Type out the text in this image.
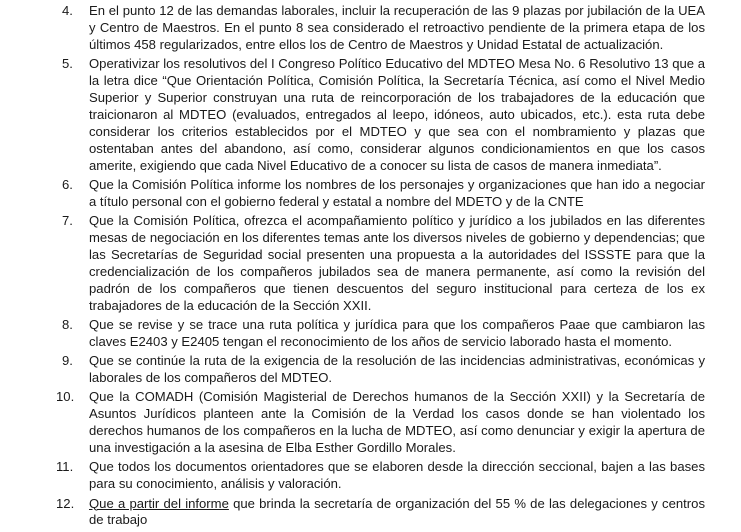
4. En el punto 12 de las demandas laborales, incluir la recuperación de las 9 plazas por jubilación de la UEA y Centro de Maestros. En el punto 8 sea considerado el retroactivo pendiente de la primera etapa de los últimos 458 regularizados, entre ellos los de Centro de Maestros y Unidad Estatal de actualización.
5. Operativizar los resolutivos del I Congreso Político Educativo del MDTEO Mesa No. 6 Resolutivo 13 que a la letra dice “Que Orientación Política, Comisión Política, la Secretaría Técnica, así como el Nivel Medio Superior y Superior construyan una ruta de reincorporación de los trabajadores de la educación que traicionaron al MDTEO (evaluados, entregados al leepo, idóneos, auto ubicados, etc.). esta ruta debe considerar los criterios establecidos por el MDTEO y que sea con el nombramiento y plazas que ostentaban antes del abandono, así como, considerar algunos condicionamientos en que los casos amerite, exigiendo que cada Nivel Educativo de a conocer su lista de casos de manera inmediata”.
6. Que la Comisión Política informe los nombres de los personajes y organizaciones que han ido a negociar a título personal con el gobierno federal y estatal a nombre del MDETO y de la CNTE
7. Que la Comisión Política, ofrezca el acompañamiento político y jurídico a los jubilados en las diferentes mesas de negociación en los diferentes temas ante los diversos niveles de gobierno y dependencias; que las Secretarías de Seguridad social presenten una propuesta a la autoridades del ISSSTE para que la credencialización de los compañeros jubilados sea de manera permanente, así como la revisión del padrón de los compañeros que tienen descuentos del seguro institucional para certeza de los ex trabajadores de la educación de la Sección XXII.
8. Que se revise y se trace una ruta política y jurídica para que los compañeros Paae que cambiaron las claves E2403 y E2405 tengan el reconocimiento de los años de servicio laborado hasta el momento.
9. Que se continúe la ruta de la exigencia de la resolución de las incidencias administrativas, económicas y laborales de los compañeros del MDTEO.
10. Que la COMADH (Comisión Magisterial de Derechos humanos de la Sección XXII) y la Secretaría de Asuntos Jurídicos planteen ante la Comisión de la Verdad los casos donde se han violentado los derechos humanos de los compañeros en la lucha de MDTEO, así como denunciar y exigir la apertura de una investigación a la asesina de Elba Esther Gordillo Morales.
11. Que todos los documentos orientadores que se elaboren desde la dirección seccional, bajen a las bases para su conocimiento, análisis y valoración.
12. Que a partir del informe que brinda la secretaría de organización del 55 % de las delegaciones y centros de trabajo
